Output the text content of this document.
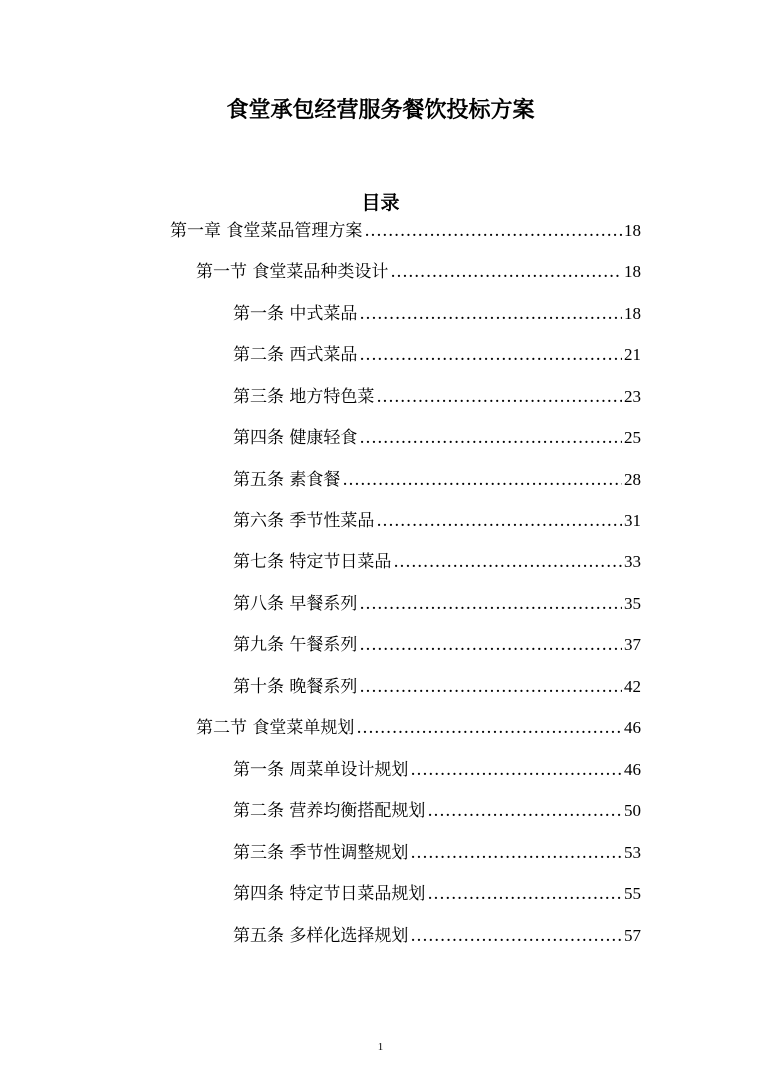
食堂承包经营服务餐饮投标方案
目录
第一章 食堂菜品管理方案 .....	18
第一节 食堂菜品种类设计 .....	18
第一条 中式菜品 .....	18
第二条 西式菜品 .....	21
第三条 地方特色菜 .....	23
第四条 健康轻食 .....	25
第五条 素食餐 .....	28
第六条 季节性菜品 .....	31
第七条 特定节日菜品 .....	33
第八条 早餐系列 .....	35
第九条 午餐系列 .....	37
第十条 晚餐系列 .....	42
第二节 食堂菜单规划 .....	46
第一条 周菜单设计规划 .....	46
第二条 营养均衡搭配规划 .....	50
第三条 季节性调整规划 .....	53
第四条 特定节日菜品规划 .....	55
第五条 多样化选择规划 .....	57
1
